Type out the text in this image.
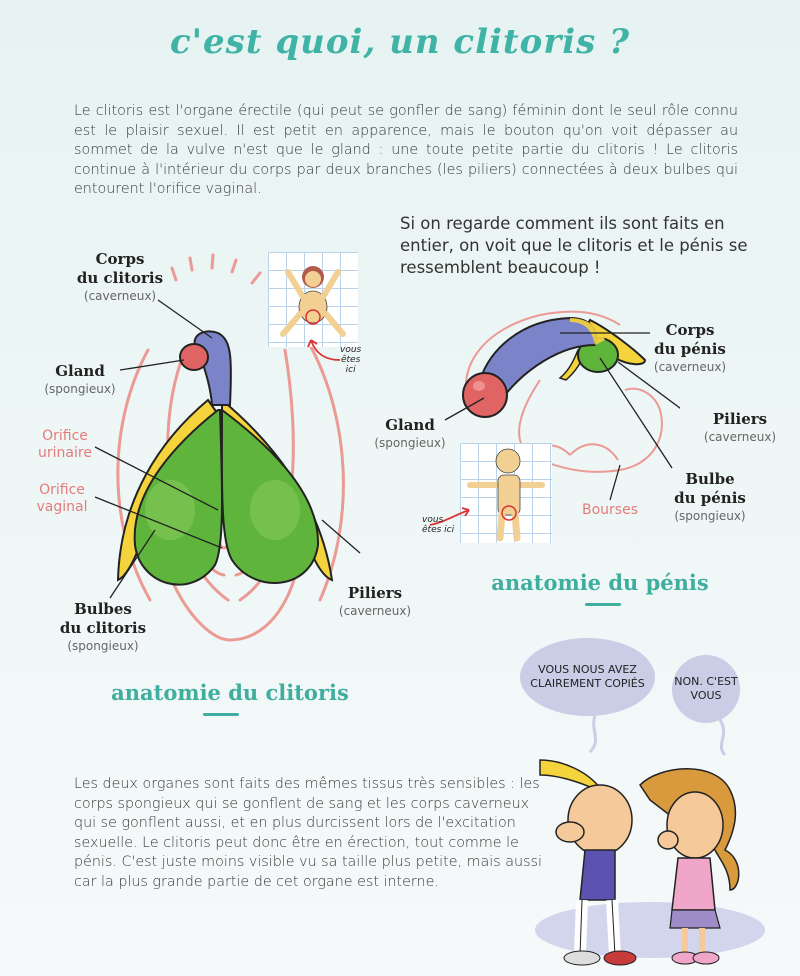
c'est quoi, un clitoris ?
Le clitoris est l'organe érectile (qui peut se gonfler de sang) féminin dont le seul rôle connu est le plaisir sexuel. Il est petit en apparence, mais le bouton qu'on voit dépasser au sommet de la vulve n'est que le gland : une toute petite partie du clitoris ! Le clitoris continue à l'intérieur du corps par deux branches (les piliers) connectées à deux bulbes qui entourent l'orifice vaginal.
Si on regarde comment ils sont faits en entier, on voit que le clitoris et le pénis se ressemblent beaucoup !
vous
êtes
ici
Corps
du clitoris
(caverneux)
Gland
(spongieux)
Orifice
urinaire
Orifice
vaginal
Bulbes
du clitoris
(spongieux)
Piliers
(caverneux)
anatomie du clitoris
vous
êtes ici
Corps
du pénis
(caverneux)
Gland
(spongieux)
Piliers
(caverneux)
Bulbe
du pénis
(spongieux)
Bourses
anatomie du pénis
VOUS NOUS AVEZ CLAIREMENT COPIÉS	NON. C'EST VOUS
Les deux organes sont faits des mêmes tissus très sensibles : les corps spongieux qui se gonflent de sang et les corps caverneux qui se gonflent aussi, et en plus durcissent lors de l'excitation sexuelle. Le clitoris peut donc être en érection, tout comme le pénis. C'est juste moins visible vu sa taille plus petite, mais aussi car la plus grande partie de cet organe est interne.
